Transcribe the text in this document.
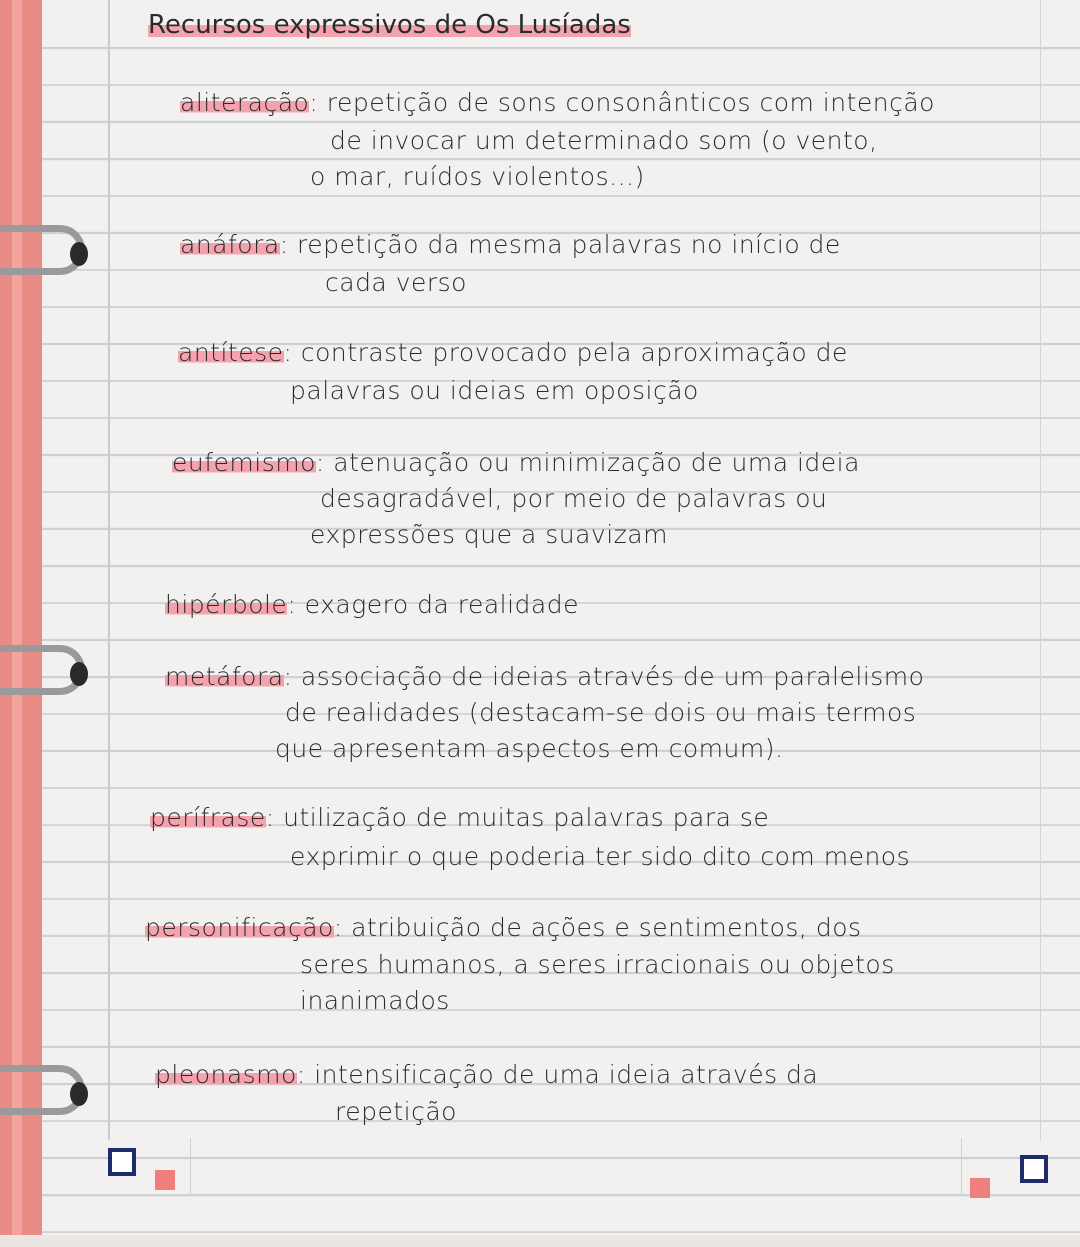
Recursos expressivos de Os Lusíadas
aliteração: repetição de sons consonânticos com intenção
de invocar um determinado som (o vento,
o mar, ruídos violentos...)
anáfora: repetição da mesma palavras no início de
cada verso
antítese: contraste provocado pela aproximação de
palavras ou ideias em oposição
eufemismo: atenuação ou minimização de uma ideia
desagradável, por meio de palavras ou
expressões que a suavizam
hipérbole: exagero da realidade
metáfora: associação de ideias através de um paralelismo
de realidades (destacam-se dois ou mais termos
que apresentam aspectos em comum).
perífrase: utilização de muitas palavras para se
exprimir o que poderia ter sido dito com menos
personificação: atribuição de ações e sentimentos, dos
seres humanos, a seres irracionais ou objetos
inanimados
pleonasmo: intensificação de uma ideia através da
repetição
